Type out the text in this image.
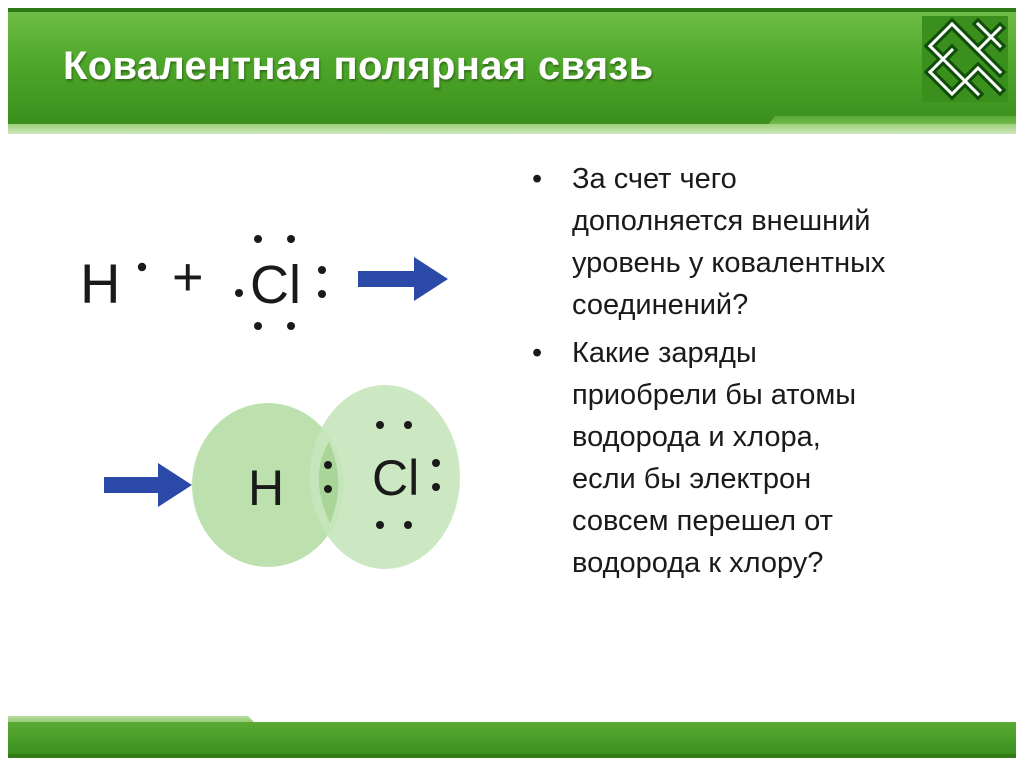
Ковалентная полярная связь
H + Cl
H Cl
• За счет чего
дополняется внешний
уровень у ковалентных
соединений?
• Какие заряды
приобрели бы атомы
водорода и хлора,
если бы электрон
совсем перешел от
водорода к хлору?
